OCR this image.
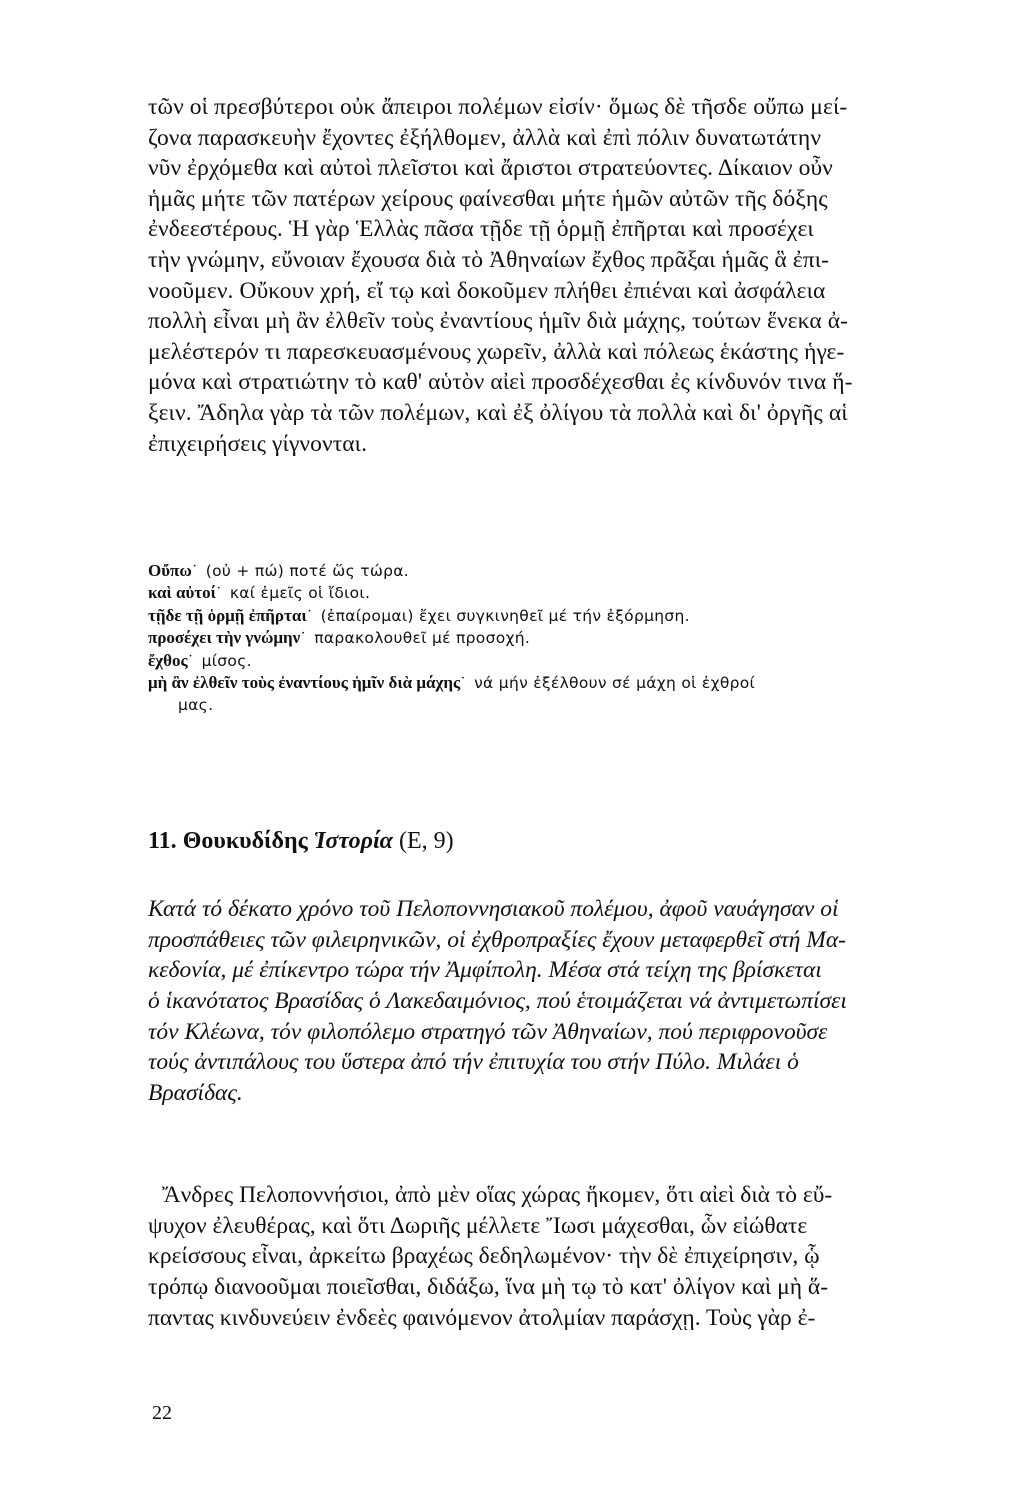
τῶν οἱ πρεσβύτεροι οὐκ ἄπειροι πολέμων εἰσίν· ὅμως δὲ τῆσδε οὔπω μεί-
ζονα παρασκευὴν ἔχοντες ἐξήλθομεν, ἀλλὰ καὶ ἐπὶ πόλιν δυνατωτάτην
νῦν ἐρχόμεθα καὶ αὐτοὶ πλεῖστοι καὶ ἄριστοι στρατεύοντες. Δίκαιον οὖν
ἡμᾶς μήτε τῶν πατέρων χείρους φαίνεσθαι μήτε ἡμῶν αὐτῶν τῆς δόξης
ἐνδεεστέρους. Ἡ γὰρ Ἑλλὰς πᾶσα τῇδε τῇ ὁρμῇ ἐπῆρται καὶ προσέχει
τὴν γνώμην, εὔνοιαν ἔχουσα διὰ τὸ Ἀθηναίων ἔχθος πρᾶξαι ἡμᾶς ἃ ἐπι-
νοοῦμεν. Οὔκουν χρή, εἴ τῳ καὶ δοκοῦμεν πλήθει ἐπιέναι καὶ ἀσφάλεια
πολλὴ εἶναι μὴ ἂν ἐλθεῖν τοὺς ἐναντίους ἡμῖν διὰ μάχης, τούτων ἕνεκα ἀ-
μελέστερόν τι παρεσκευασμένους χωρεῖν, ἀλλὰ καὶ πόλεως ἑκάστης ἡγε-
μόνα καὶ στρατιώτην τὸ καθ' αὑτὸν αἰεὶ προσδέχεσθαι ἐς κίνδυνόν τινα ἥ-
ξειν. Ἄδηλα γὰρ τὰ τῶν πολέμων, καὶ ἐξ ὀλίγου τὰ πολλὰ καὶ δι' ὀργῆς αἱ
ἐπιχειρήσεις γίγνονται.
Οὔπω˙ (οὐ + πώ) ποτέ ὥς τώρα.
καὶ αὐτοί˙ καί ἐμεῖς οἱ ἴδιοι.
τῇδε τῇ ὁρμῇ ἐπῆρται˙ (ἐπαίρομαι) ἔχει συγκινηθεῖ μέ τήν ἐξόρμηση.
προσέχει τὴν γνώμην˙ παρακολουθεῖ μέ προσοχή.
ἔχθος˙ μίσος.
μὴ ἂν ἐλθεῖν τοὺς ἐναντίους ἡμῖν διὰ μάχης˙ νά μήν ἐξέλθουν σέ μάχη οἱ ἐχθροί
μας.
11. Θουκυδίδης Ἱστορία (Ε, 9)
Κατά τό δέκατο χρόνο τοῦ Πελοποννησιακοῦ πολέμου, ἀφοῦ ναυάγησαν οἱ
προσπάθειες τῶν φιλειρηνικῶν, οἱ ἐχθροπραξίες ἔχουν μεταφερθεῖ στή Μα-
κεδονία, μέ ἐπίκεντρο τώρα τήν Ἀμφίπολη. Μέσα στά τείχη της βρίσκεται
ὁ ἱκανότατος Βρασίδας ὁ Λακεδαιμόνιος, πού ἑτοιμάζεται νά ἀντιμετωπίσει
τόν Κλέωνα, τόν φιλοπόλεμο στρατηγό τῶν Ἀθηναίων, πού περιφρονοῦσε
τούς ἀντιπάλους του ὕστερα ἀπό τήν ἐπιτυχία του στήν Πύλο. Μιλάει ὁ
Βρασίδας.
Ἄνδρες Πελοποννήσιοι, ἀπὸ μὲν οἵας χώρας ἥκομεν, ὅτι αἰεὶ διὰ τὸ εὔ-
ψυχον ἐλευθέρας, καὶ ὅτι Δωριῆς μέλλετε Ἴωσι μάχεσθαι, ὧν εἰώθατε
κρείσσους εἶναι, ἀρκείτω βραχέως δεδηλωμένον· τὴν δὲ ἐπιχείρησιν, ᾧ
τρόπῳ διανοοῦμαι ποιεῖσθαι, διδάξω, ἵνα μὴ τῳ τὸ κατ' ὀλίγον καὶ μὴ ἅ-
παντας κινδυνεύειν ἐνδεὲς φαινόμενον ἀτολμίαν παράσχῃ. Τοὺς γὰρ ἐ-
22
